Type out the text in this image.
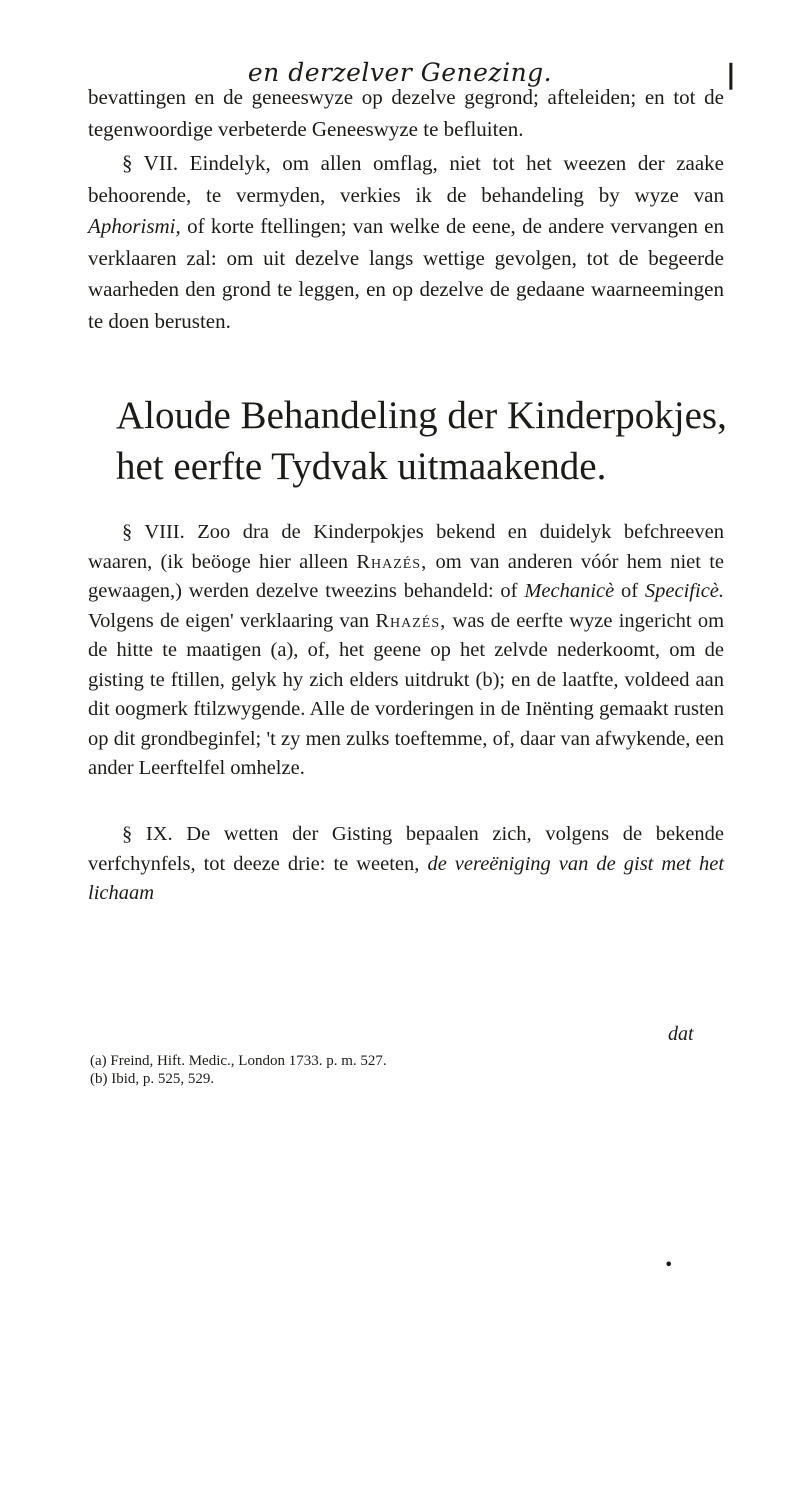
en derzelver Genezing.	❘
bevattingen en de geneeswyze op dezelve gegrond; afteleiden; en tot de tegenwoordige verbeterde Geneeswyze te befluiten.
§ VII. Eindelyk, om allen omflag, niet tot het weezen der zaake behoorende, te vermyden, verkies ik de behandeling by wyze van Aphorismi, of korte ftellingen; van welke de eene, de andere vervangen en verklaaren zal: om uit dezelve langs wettige gevolgen, tot de begeerde waarheden den grond te leggen, en op dezelve de gedaane waarneemingen te doen berusten.
Aloude Behandeling der Kinderpokjes, het eerfte Tydvak uitmaakende.
§ VIII. Zoo dra de Kinderpokjes bekend en duidelyk befchreeven waaren, (ik beöoge hier alleen Rhazés, om van anderen vóór hem niet te gewaagen,) werden dezelve tweezins behandeld: of Mechanicè of Specificè. Volgens de eigen' verklaaring van Rhazés, was de eerfte wyze ingericht om de hitte te maatigen (a), of, het geene op het zelvde nederkoomt, om de gisting te ftillen, gelyk hy zich elders uitdrukt (b); en de laatfte, voldeed aan dit oogmerk ftilzwygende. Alle de vorderingen in de Inënting gemaakt rusten op dit grondbeginfel; 't zy men zulks toeftemme, of, daar van afwykende, een ander Leerftelfel omhelze.
§ IX. De wetten der Gisting bepaalen zich, volgens de bekende verfchynfels, tot deeze drie: te weeten, de vereëniging van de gist met het lichaam
dat
(a) Freind, Hift. Medic., London 1733. p. m. 527.
(b) Ibid, p. 525, 529.
•
